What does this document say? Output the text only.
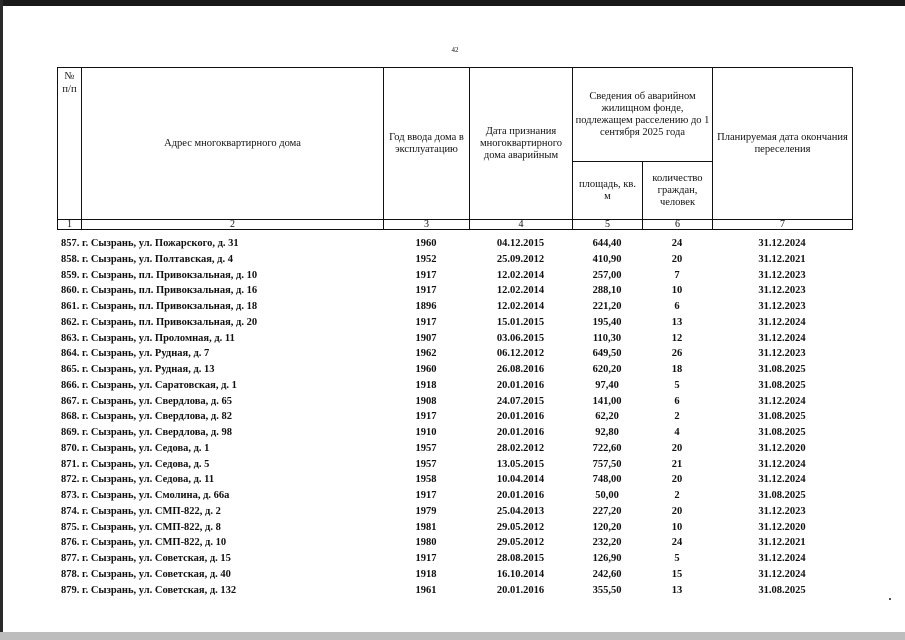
42
№ п/п	Адрес многоквартирного дома	Год ввода дома в эксплуатацию	Дата признания многоквартирного дома аварийным	Сведения об аварийном жилищном фонде, подлежащем расселению до 1 сентября 2025 года		Планируемая дата окончания переселения
				площадь, кв. м	количество граждан, человек	
1	2	3	4	5	6	7
857. г. Сызрань, ул. Пожарского, д. 31	1960	04.12.2015	644,40	24	31.12.2024
858. г. Сызрань, ул. Полтавская, д. 4	1952	25.09.2012	410,90	20	31.12.2021
859. г. Сызрань, пл. Привокзальная, д. 10	1917	12.02.2014	257,00	7	31.12.2023
860. г. Сызрань, пл. Привокзальная, д. 16	1917	12.02.2014	288,10	10	31.12.2023
861. г. Сызрань, пл. Привокзальная, д. 18	1896	12.02.2014	221,20	6	31.12.2023
862. г. Сызрань, пл. Привокзальная, д. 20	1917	15.01.2015	195,40	13	31.12.2024
863. г. Сызрань, ул. Проломная, д. 11	1907	03.06.2015	110,30	12	31.12.2024
864. г. Сызрань, ул. Рудная, д. 7	1962	06.12.2012	649,50	26	31.12.2023
865. г. Сызрань, ул. Рудная, д. 13	1960	26.08.2016	620,20	18	31.08.2025
866. г. Сызрань, ул. Саратовская, д. 1	1918	20.01.2016	97,40	5	31.08.2025
867. г. Сызрань, ул. Свердлова, д. 65	1908	24.07.2015	141,00	6	31.12.2024
868. г. Сызрань, ул. Свердлова, д. 82	1917	20.01.2016	62,20	2	31.08.2025
869. г. Сызрань, ул. Свердлова, д. 98	1910	20.01.2016	92,80	4	31.08.2025
870. г. Сызрань, ул. Седова, д. 1	1957	28.02.2012	722,60	20	31.12.2020
871. г. Сызрань, ул. Седова, д. 5	1957	13.05.2015	757,50	21	31.12.2024
872. г. Сызрань, ул. Седова, д. 11	1958	10.04.2014	748,00	20	31.12.2024
873. г. Сызрань, ул. Смолина, д. 66а	1917	20.01.2016	50,00	2	31.08.2025
874. г. Сызрань, ул. СМП-822, д. 2	1979	25.04.2013	227,20	20	31.12.2023
875. г. Сызрань, ул. СМП-822, д. 8	1981	29.05.2012	120,20	10	31.12.2020
876. г. Сызрань, ул. СМП-822, д. 10	1980	29.05.2012	232,20	24	31.12.2021
877. г. Сызрань, ул. Советская, д. 15	1917	28.08.2015	126,90	5	31.12.2024
878. г. Сызрань, ул. Советская, д. 40	1918	16.10.2014	242,60	15	31.12.2024
879. г. Сызрань, ул. Советская, д. 132	1961	20.01.2016	355,50	13	31.08.2025
